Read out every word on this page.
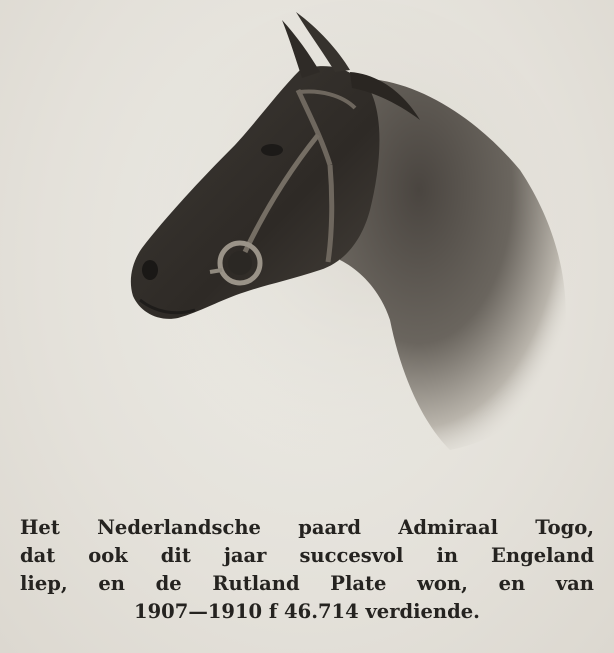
Het Nederlandsche paard Admiraal Togo,
dat ook dit jaar succesvol in Engeland
liep, en de Rutland Plate won, en van
1907—1910 f 46.714 verdiende.
